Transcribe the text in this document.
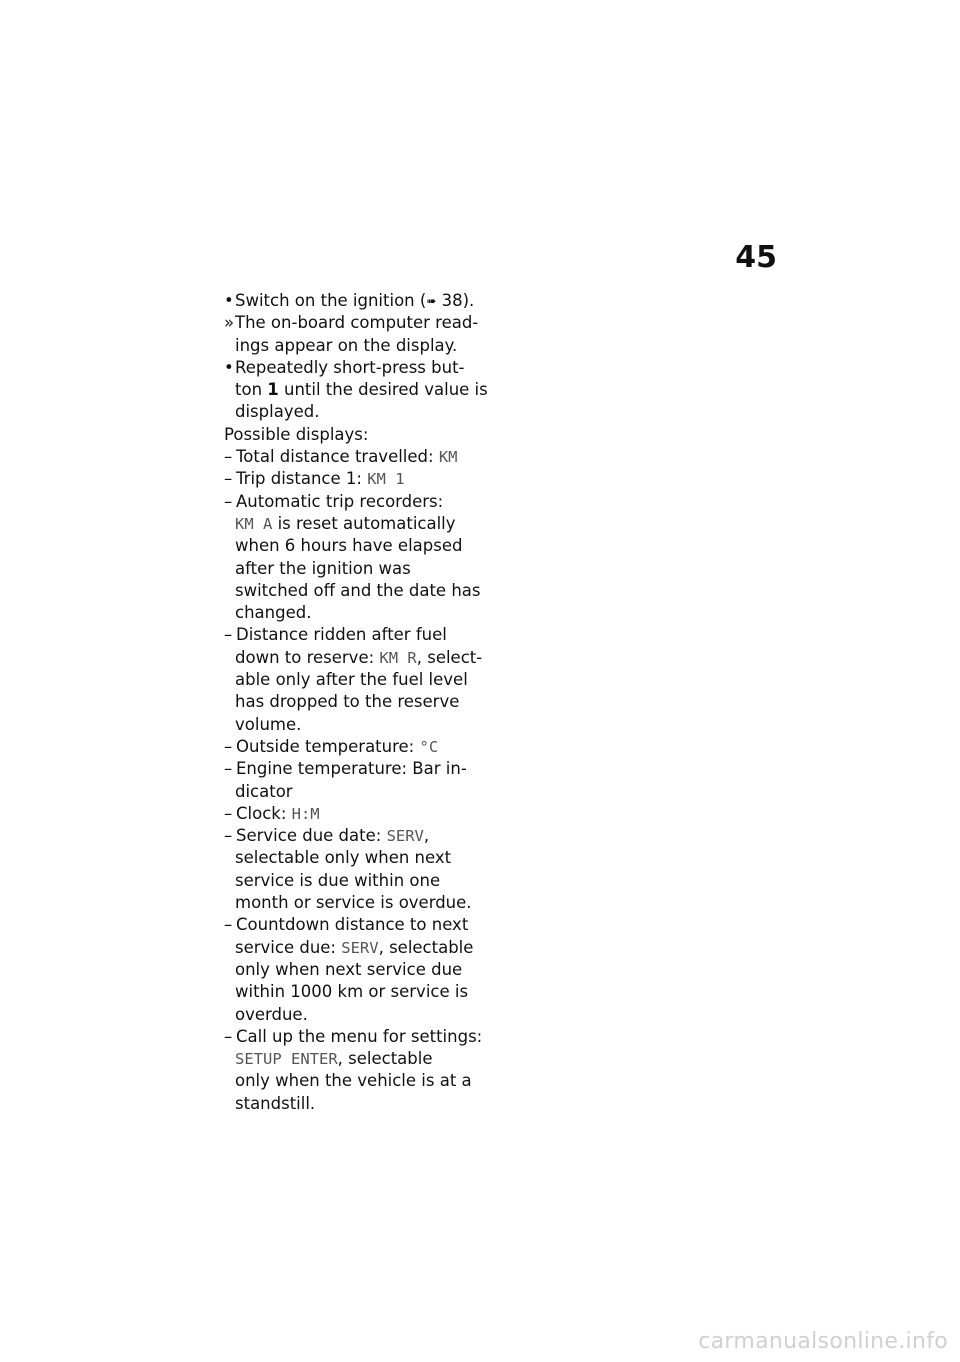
45
• Switch on the ignition (➠ 38).
» The on-board computer read-
ings appear on the display.
• Repeatedly short-press but-
ton 1 until the desired value is
displayed.
Possible displays:
– Total distance travelled: KM
– Trip distance 1: KM 1
– Automatic trip recorders:
KM A is reset automatically
when 6 hours have elapsed
after the ignition was
switched off and the date has
changed.
– Distance ridden after fuel
down to reserve: KM R, select-
able only after the fuel level
has dropped to the reserve
volume.
– Outside temperature: °C
– Engine temperature: Bar in-
dicator
– Clock: H:M
– Service due date: SERV,
selectable only when next
service is due within one
month or service is overdue.
– Countdown distance to next
service due: SERV, selectable
only when next service due
within 1000 km or service is
overdue.
– Call up the menu for settings:
SETUP ENTER, selectable
only when the vehicle is at a
standstill.
carmanualsonline.info
